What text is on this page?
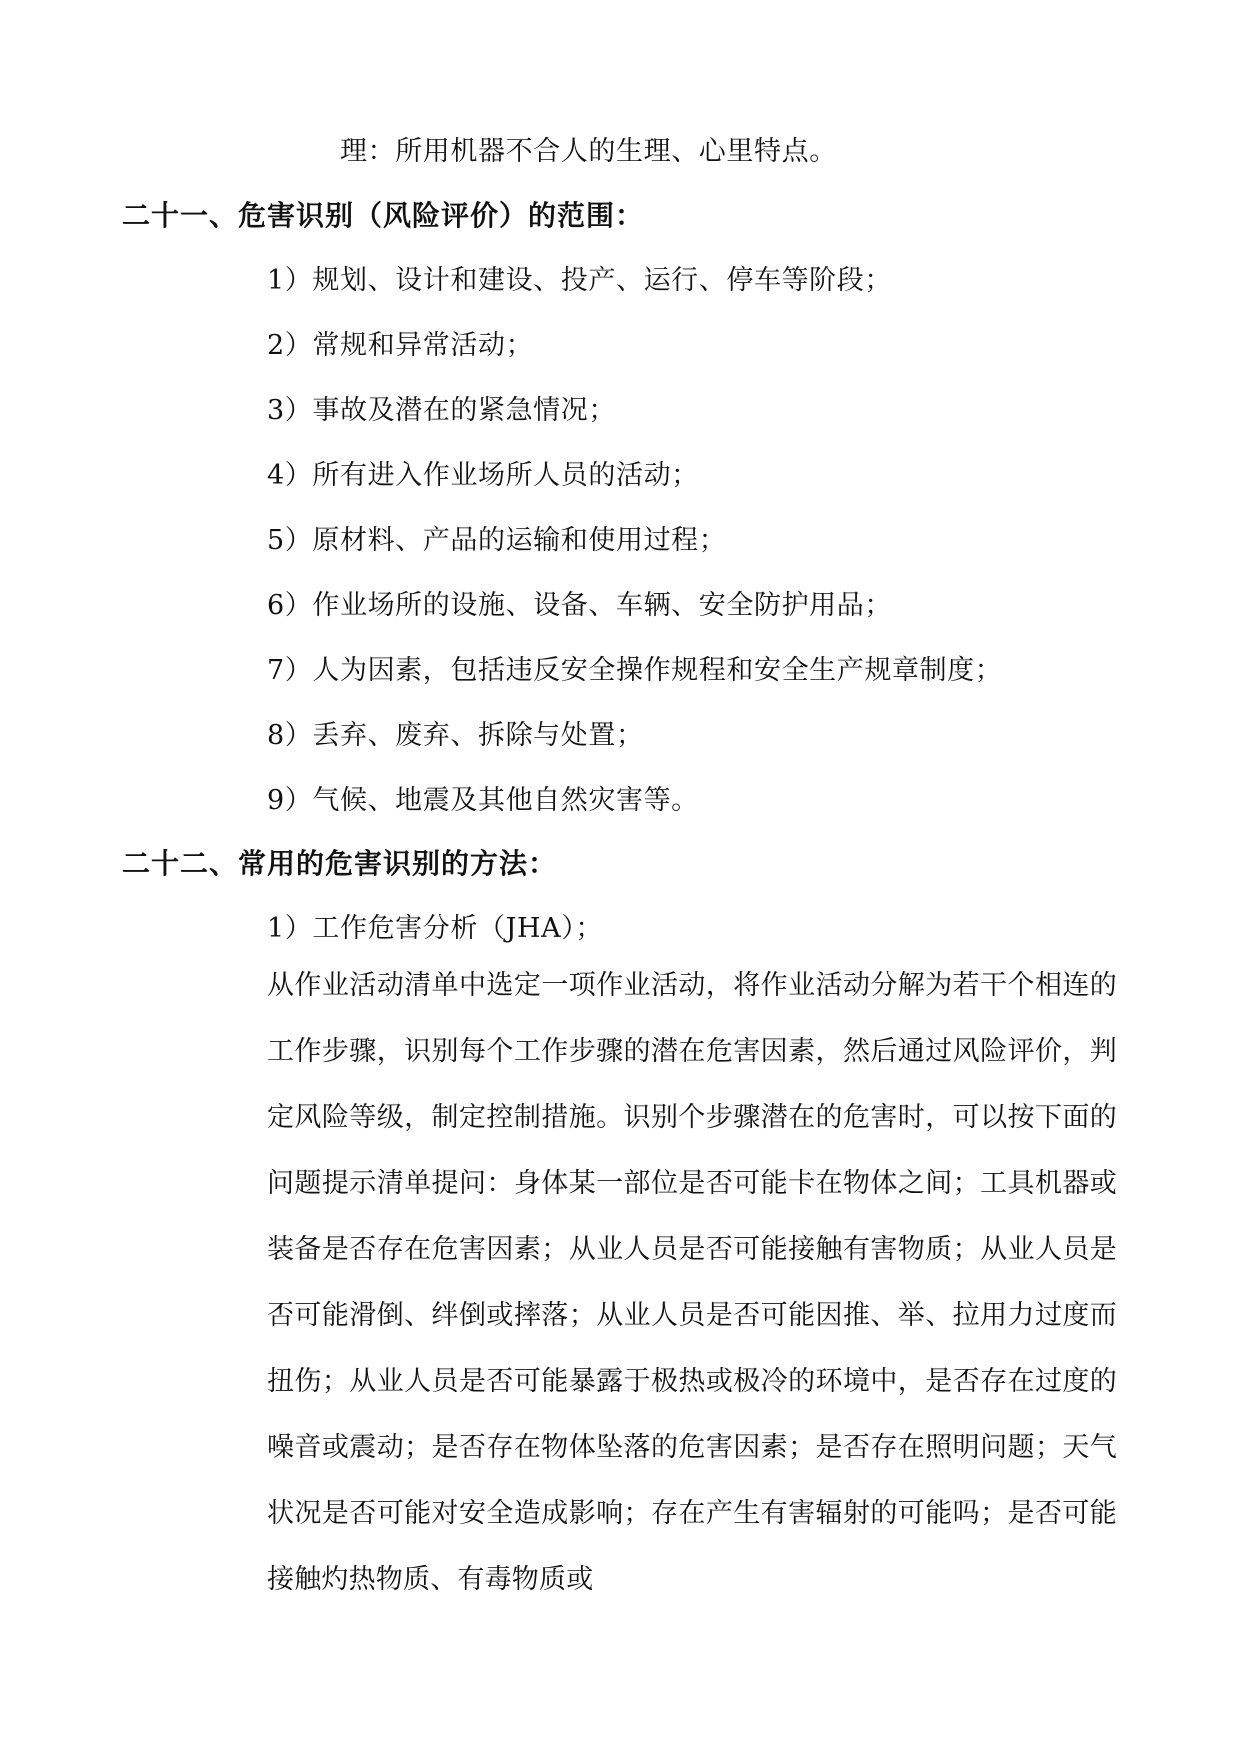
理：所用机器不合人的生理、心里特点。
二十一、危害识别（风险评价）的范围：
1）规划、设计和建设、投产、运行、停车等阶段；
2）常规和异常活动；
3）事故及潜在的紧急情况；
4）所有进入作业场所人员的活动；
5）原材料、产品的运输和使用过程；
6）作业场所的设施、设备、车辆、安全防护用品；
7）人为因素，包括违反安全操作规程和安全生产规章制度；
8）丢弃、废弃、拆除与处置；
9）气候、地震及其他自然灾害等。
二十二、常用的危害识别的方法：
1）工作危害分析（JHA）；
从作业活动清单中选定一项作业活动，将作业活动分解为若干个相连的工作步骤，识别每个工作步骤的潜在危害因素，然后通过风险评价，判定风险等级，制定控制措施。识别个步骤潜在的危害时，可以按下面的问题提示清单提问：身体某一部位是否可能卡在物体之间；工具机器或装备是否存在危害因素；从业人员是否可能接触有害物质；从业人员是否可能滑倒、绊倒或摔落；从业人员是否可能因推、举、拉用力过度而扭伤；从业人员是否可能暴露于极热或极冷的环境中，是否存在过度的噪音或震动；是否存在物体坠落的危害因素；是否存在照明问题；天气状况是否可能对安全造成影响；存在产生有害辐射的可能吗；是否可能接触灼热物质、有毒物质或
